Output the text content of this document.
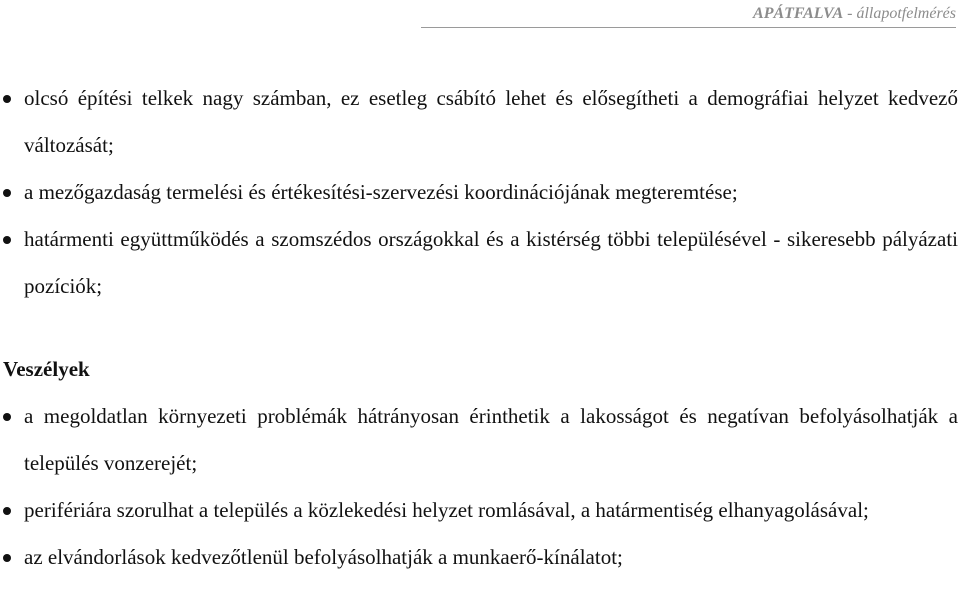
APÁTFALVA - állapotfelmérés
olcsó építési telkek nagy számban, ez esetleg csábító lehet és elősegítheti a demográfiai helyzet kedvező változását;
a mezőgazdaság termelési és értékesítési-szervezési koordinációjának megteremtése;
határmenti együttműködés a szomszédos országokkal és a kistérség többi településével - sikeresebb pályázati pozíciók;
Veszélyek
a megoldatlan környezeti problémák hátrányosan érinthetik a lakosságot és negatívan befolyásolhatják a település vonzerejét;
perifériára szorulhat a település a közlekedési helyzet romlásával, a határmentiség elhanyagolásával;
az elvándorlások kedvezőtlenül befolyásolhatják a munkaerő-kínálatot;
